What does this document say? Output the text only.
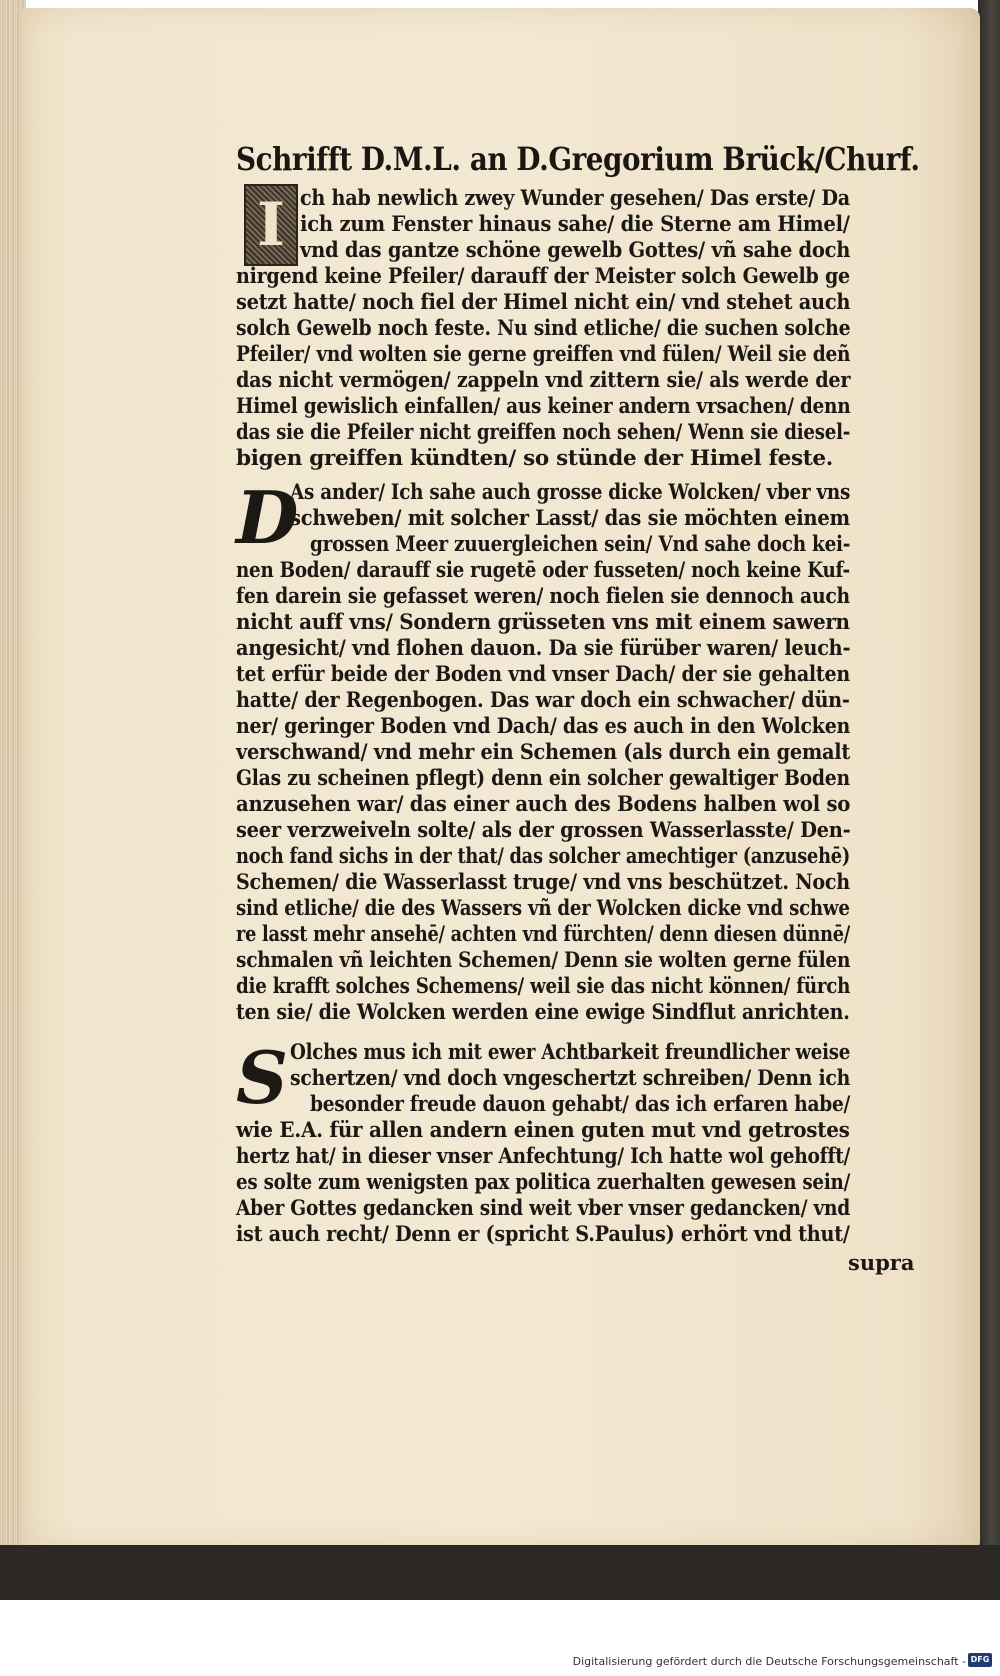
Schrifft D.M.L. an D.Gregorium Brück/Churf.
I
D
S
ch hab newlich zwey Wunder gesehen/ Das erste/ Da
ich zum Fenster hinaus sahe/ die Sterne am Himel/
vnd das gantze schöne gewelb Gottes/ vñ sahe doch
nirgend keine Pfeiler/ darauff der Meister solch Gewelb ge
setzt hatte/ noch fiel der Himel nicht ein/ vnd stehet auch
solch Gewelb noch feste. Nu sind etliche/ die suchen solche
Pfeiler/ vnd wolten sie gerne greiffen vnd fülen/ Weil sie deñ
das nicht vermögen/ zappeln vnd zittern sie/ als werde der
Himel gewislich einfallen/ aus keiner andern vrsachen/ denn
das sie die Pfeiler nicht greiffen noch sehen/ Wenn sie diesel-
bigen greiffen kündten/ so stünde der Himel feste.
As ander/ Ich sahe auch grosse dicke Wolcken/ vber vns
schweben/ mit solcher Lasst/ das sie möchten einem
grossen Meer zuuergleichen sein/ Vnd sahe doch kei-
nen Boden/ darauff sie rugetē oder fusseten/ noch keine Kuf-
fen darein sie gefasset weren/ noch fielen sie dennoch auch
nicht auff vns/ Sondern grüsseten vns mit einem sawern
angesicht/ vnd flohen dauon. Da sie fürüber waren/ leuch-
tet erfür beide der Boden vnd vnser Dach/ der sie gehalten
hatte/ der Regenbogen. Das war doch ein schwacher/ dün-
ner/ geringer Boden vnd Dach/ das es auch in den Wolcken
verschwand/ vnd mehr ein Schemen (als durch ein gemalt
Glas zu scheinen pflegt) denn ein solcher gewaltiger Boden
anzusehen war/ das einer auch des Bodens halben wol so
seer verzweiveln solte/ als der grossen Wasserlasste/ Den-
noch fand sichs in der that/ das solcher amechtiger (anzusehē)
Schemen/ die Wasserlasst truge/ vnd vns beschützet. Noch
sind etliche/ die des Wassers vñ der Wolcken dicke vnd schwe
re lasst mehr ansehē/ achten vnd fürchten/ denn diesen dünnē/
schmalen vñ leichten Schemen/ Denn sie wolten gerne fülen
die krafft solches Schemens/ weil sie das nicht können/ fürch
ten sie/ die Wolcken werden eine ewige Sindflut anrichten.
Olches mus ich mit ewer Achtbarkeit freundlicher weise
schertzen/ vnd doch vngeschertzt schreiben/ Denn ich
besonder freude dauon gehabt/ das ich erfaren habe/
wie E.A. für allen andern einen guten mut vnd getrostes
hertz hat/ in dieser vnser Anfechtung/ Ich hatte wol gehofft/
es solte zum wenigsten pax politica zuerhalten gewesen sein/
Aber Gottes gedancken sind weit vber vnser gedancken/ vnd
ist auch recht/ Denn er (spricht S.Paulus) erhört vnd thut/
supra
Digitalisierung gefördert durch die Deutsche Forschungsgemeinschaft - DFG
